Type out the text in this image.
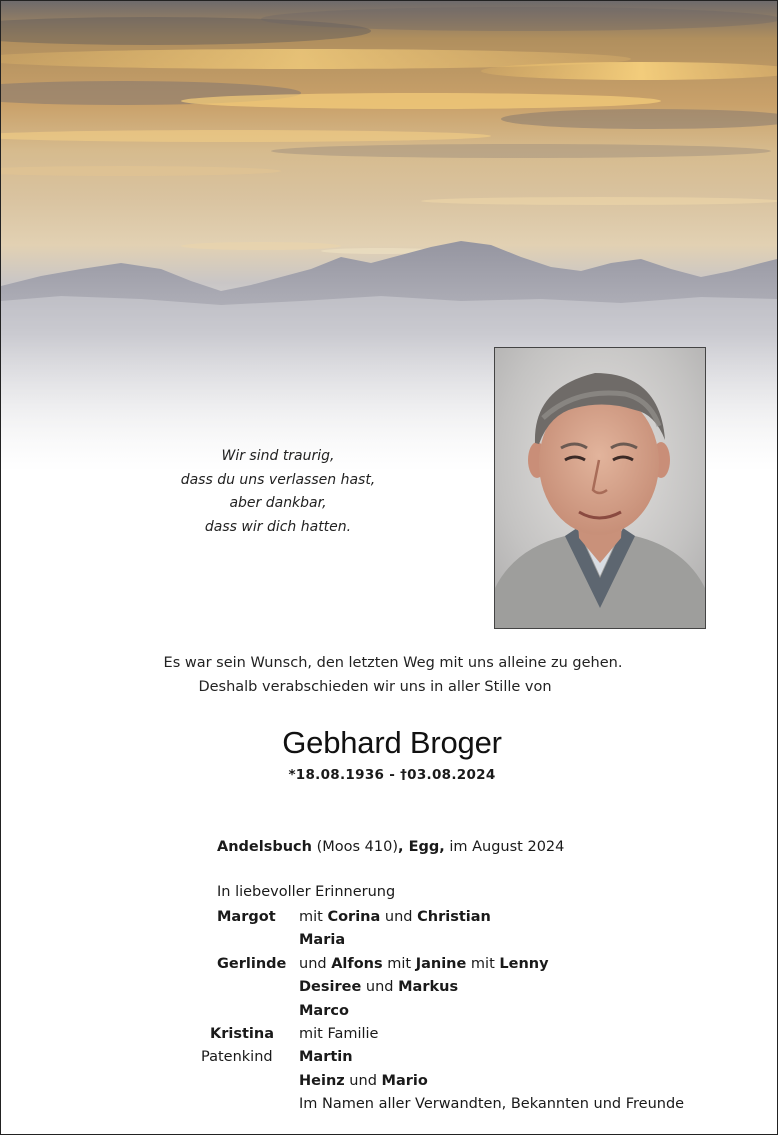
Wir sind traurig,
dass du uns verlassen hast,
aber dankbar,
dass wir dich hatten.
Es war sein Wunsch, den letzten Weg mit uns alleine zu gehen.
Deshalb verabschieden wir uns in aller Stille von
Gebhard Broger
*18.08.1936 - †03.08.2024
Andelsbuch (Moos 410), Egg, im August 2024
In liebevoller Erinnerung
Margot mit Corina und Christian
Maria
Gerlinde und Alfons mit Janine mit Lenny
Desiree und Markus
Marco
Kristina	mit Familie
Patenkind Martin
Heinz und Mario
Im Namen aller Verwandten, Bekannten und Freunde
